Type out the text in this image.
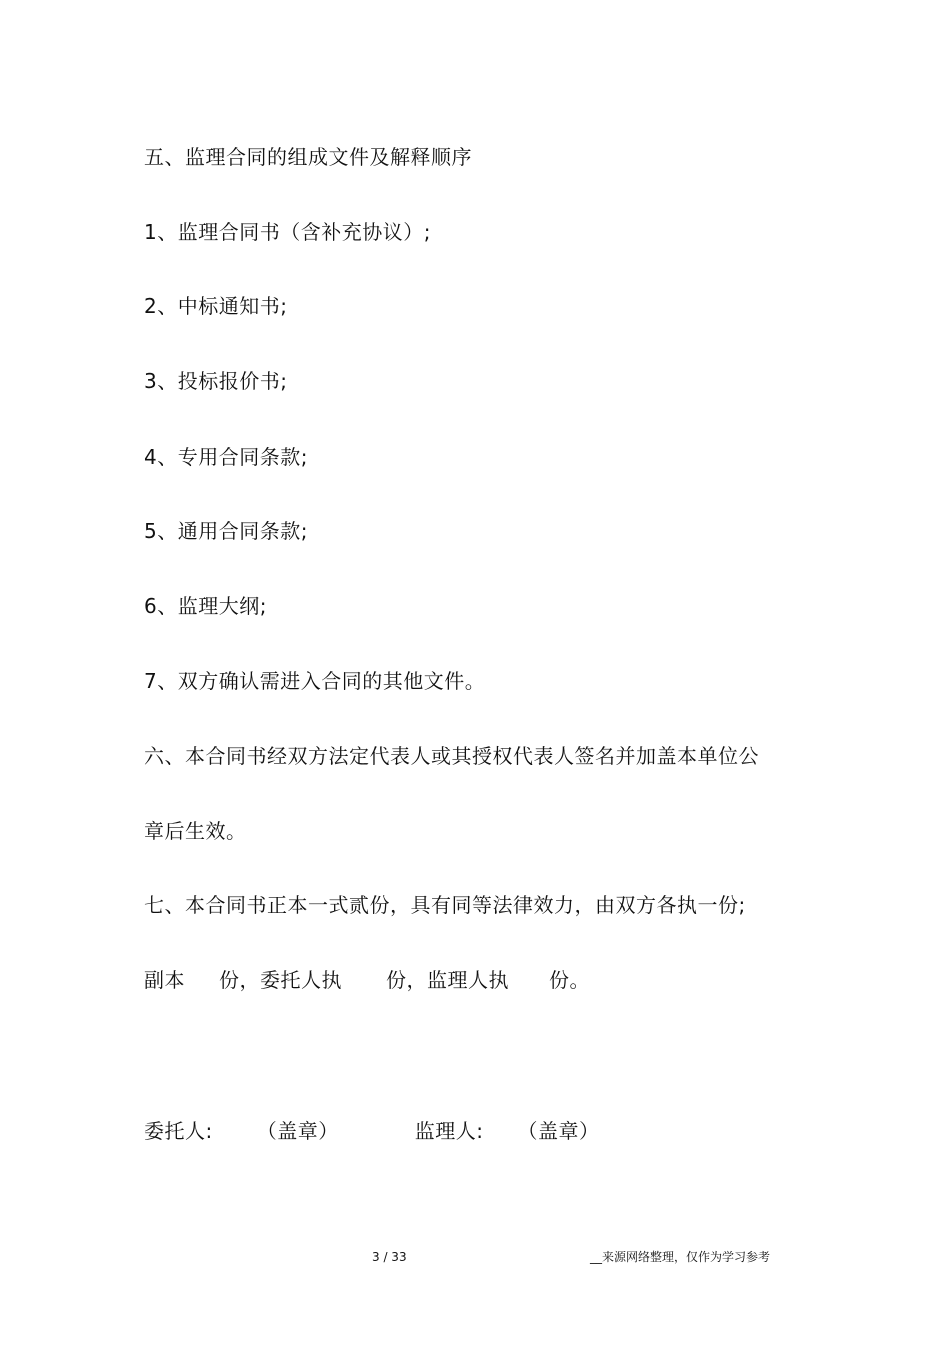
五、监理合同的组成文件及解释顺序
1、监理合同书（含补充协议）;
2、中标通知书;
3、投标报价书;
4、专用合同条款;
5、通用合同条款;
6、监理大纲;
7、双方确认需进入合同的其他文件。
六、本合同书经双方法定代表人或其授权代表人签名并加盖本单位公
章后生效。
七、本合同书正本一式贰份，具有同等法律效力，由双方各执一份;
副本 份，委托人执 份，监理人执 份。
委托人: （盖章）	监理人: （盖章）
3 / 33	__来源网络整理，仅作为学习参考
